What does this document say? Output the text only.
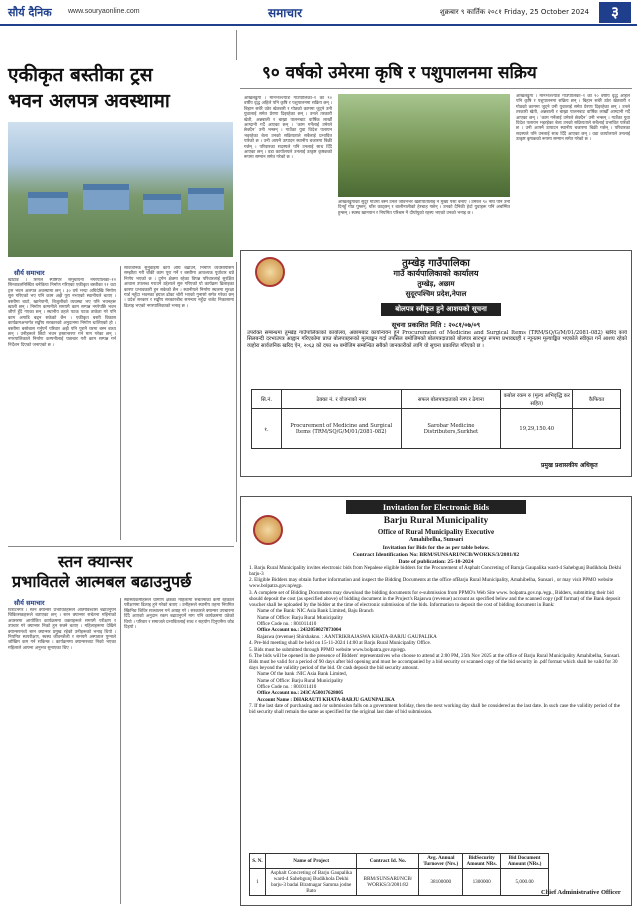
सौर्य दैनिक www.souryaonline.com	समाचार	शुक्रबार ९ कार्तिक २०८१ Friday, 25 October 2024	३
एकीकृत बस्तीका ट्रस
भवन अलपत्र अवस्थामा
सौर्य समाचार
खोटाङ । सिंगल स्पष्टिएर समुचायनी नगरपालिका–१२ सिन्ताडलनिस्थित बनेकिया निर्माण गरिएका एकीकृत बस्तीका ११ वटा ट्रस भवन अलपत्र अवस्थामा छन् । ३० वर्ष भन्दा अघिदेखि निर्माण सुरु गरिएको भए पनि काम अझै पूरा नभएको स्थानीयले बताए । बस्तीमा बाटो, खानेपानी, बिजुलीको व्यवस्था भए पनि भवनहरू खाली छन् । निर्माण कम्पनीले समयमै काम सम्पन्न नगरेपछि भवन जीर्ण हुँदै गएका छन् । स्थानीय तहले पटक पटक ताकेता गरे पनि काम अगाडि बढ्न सकेको छैन । एकीकृत बस्ती विकास कार्यक्रमअन्तर्गत सङ्घीय सरकारको अनुदानमा निर्माण थालिएको हो । बस्तीमा बसोबास गर्नुपर्ने परिवार अझै पनि पुरानै घरमा बस्न बाध्य छन् । उनीहरूले छिटो भवन हस्तान्तरण गर्न माग गरेका छन् । नगरपालिकाले निर्माण कम्पनीलाई पत्राचार गरी काम सम्पन्न गर्न निर्देशन दिएको जनाएको छ ।
सार्वजनिक सुनुवाइमा कार्य अघि बढाउने, निर्माण व्यवसायीसँग सम्झौता गरी बाँकी काम पूरा गर्ने र बस्तीमा आवश्यक पूर्वाधार थप्ने निर्णय भएको छ । दुर्गम क्षेत्रमा रहेका विपन्न परिवारलाई सुरक्षित आवास उपलब्ध गराउने उद्देश्यले सुरु गरिएको यो कार्यक्रम ढिलाइका कारण प्रभावकारी हुन सकेको छैन । स्थानीयले निर्माण स्थलमा सुरक्षा गार्ड नहुँदा भवनका झ्याल ढोका चोरी भएको गुनासो समेत गरेका छन् । प्रदेश सरकार र सङ्घीय सरकारबीच समन्वय नहुँदा बजेट निकासामा ढिलाइ भएको नगरपालिकाको भनाइ छ ।
९० वर्षको उमेरमा कृषि र पशुपालनमा सक्रिय
ओखलढुंगा । मानेभञ्ज्याङ गाउँपालिका–१ का ९० वर्षीय वृद्ध अहिले पनि कृषि र पशुपालनमा सक्रिय छन् । बिहान सबेरै उठेर खेतबारी र गोठको काममा जुट्ने उनी युवालाई समेत प्रेरणा दिइरहेका छन् । उनले तरकारी खेती, अन्नबाली र बाख्रा पालनबाट वार्षिक लाखौँ आम्दानी गर्दै आएका छन् । ‘काम गर्नेलाई उमेरले छेक्दैन’ उनी भन्छन् । गाउँका युवा विदेश पलायन भइरहेका बेला उनको सक्रियताले सबैलाई प्रभावित पारेको छ । उनी आफ्नै उत्पादन स्थानीय बजारमा बिक्री गर्छन् । परिवारका सदस्यले पनि उनलाई साथ दिँदै आएका छन् । वडा कार्यालयले उनलाई उत्कृष्ट कृषकको रूपमा सम्मान समेत गरेको छ ।
ओखलढुंगाको सुदूर गाउँमा बस्ने उनले जीवनभर खेतीपातीलाई नै मुख्य पेसा बनाए । उमेरले ९० नाघे पनि उनी दिनहुँ गोठ पुग्छन्, घाँस काट्छन् र बालीनालीको हेरचाह गर्छन् । उनको दैनिकी हेर्दा युवाहरू पनि अचम्मित हुन्छन् । स्वस्थ खानपान र नियमित परिश्रम नै दीर्घायुको रहस्य भएको उनको भनाइ छ ।
ओखलढुंगा । मानेभञ्ज्याङ गाउँपालिका–१ का ९० वर्षीय वृद्ध अहिले पनि कृषि र पशुपालनमा सक्रिय छन् । बिहान सबेरै उठेर खेतबारी र गोठको काममा जुट्ने उनी युवालाई समेत प्रेरणा दिइरहेका छन् । उनले तरकारी खेती, अन्नबाली र बाख्रा पालनबाट वार्षिक लाखौँ आम्दानी गर्दै आएका छन् । ‘काम गर्नेलाई उमेरले छेक्दैन’ उनी भन्छन् । गाउँका युवा विदेश पलायन भइरहेका बेला उनको सक्रियताले सबैलाई प्रभावित पारेको छ । उनी आफ्नै उत्पादन स्थानीय बजारमा बिक्री गर्छन् । परिवारका सदस्यले पनि उनलाई साथ दिँदै आएका छन् । वडा कार्यालयले उनलाई उत्कृष्ट कृषकको रूपमा सम्मान समेत गरेको छ ।
तुम्खेड़ गाउँपालिका
गाउँ कार्यपालिकाको कार्यालय
तुम्खेड़, अछाम
सुदूरपश्चिम प्रदेश,नेपाल
बोलपत्र स्वीकृत हुने आशयको सूचना
सूचना प्रकाशित मिति : २०८१/०७/०९
उपरोक्त सम्बन्धमा तुम्खेड़ गाउँपालिकाको कार्यालय, अछामबाट कार्यान्वयन हुने Procurement of Medicine and Surgical Items (TRM/SQ/G/M/01/2081-082) खरिद कार्य सिलबन्दी दरभाउपत्र आह्वान गरिएकोमा प्राप्त बोलपत्रहरूको मूल्याङ्कन गर्दा तपसिल बमोजिमको बोलपत्रदाताको बोलपत्र सारभूत रूपमा प्रभावग्राही र न्यूनतम मूल्याङ्कित भएकोले स्वीकृत गर्ने आशय रहेको व्यहोरा सार्वजनिक खरिद ऐन, २०६३ को दफा २७ बमोजिम सम्बन्धित सबैको जानकारीको लागि यो सूचना प्रकाशित गरिएको छ ।
सि.नं.	ठेक्का नं. र योजनाको नाम	सफल बोलपत्रदाताको नाम र ठेगाना	कबोल रकम रु (मूल्य अभिवृद्धि कर सहित)	कैफियत
१.	Procurement of Medicine and Surgical Items (TRM/SQ/G/M/01/2081-082)	Sarobar Medicine Distributers,Surkhet	19,29,150.40	
प्रमुख प्रशासकीय अधिकृत
स्तन क्यान्सर
प्रभावितले आत्मबल बढाउनुपर्छ
सौर्य समाचार
विराटनगर । स्तन क्यान्सर प्रभावितहरूले आत्मविश्वास बढाउनुपर्ने चिकित्सकहरूले बताएका छन् । स्तन क्यान्सर सचेतना महिनाको अवसरमा आयोजित कार्यक्रममा वक्ताहरूले समयमै परीक्षण र उपचार गरे क्यान्सर निको हुन सक्ने बताए । महिलाहरूमा देखिने क्यान्सरमध्ये स्तन क्यान्सर प्रमुख रहेको उनीहरूको भनाइ थियो । नियमित स्वपरीक्षण, स्वस्थ जीवनशैली र समयमै अस्पताल पुग्नाले जोखिम कम गर्न सकिन्छ । कार्यक्रममा क्यान्सरबाट निको भएका महिलाले आफ्ना अनुभव सुनाएका थिए ।
स्वास्थ्यकर्मीहरूले ग्रामीण क्षेत्रका महिलामा सचेतनाको कमी रहेकाले परीक्षणमा ढिलाइ हुने गरेको बताए । उनीहरूले स्थानीय तहमा नियमित स्क्रिनिङ शिविर सञ्चालन गर्न आग्रह गरे । सरकारले क्यान्सर उपचारमा दिँदै आएको अनुदान रकम बढाउनुपर्ने माग पनि कार्यक्रममा उठेको थियो । परिवार र समाजले प्रभावितलाई साथ र सहयोग दिनुपर्नेमा जोड दिइयो ।
Invitation for Electronic Bids
Barju Rural Municipality
Office of Rural Municipality Executive
Amahibelha, Sunsari
Invitation for Bids for the as per table below.
Contract Identification No: BRM/SUNSARI/NCB/WORKS/3/2081/82
Date of publication: 25-10-2024

1. Barju Rural Municipality invites electronic bids from Nepalese eligible bidders for the Procurement of Asphalt Concreting of Baruja Gaupalika ward-4 Sahebgunj Budikhola Dekhi barju-3

2. Eligible Bidders may obtain further information and inspect the Bidding Documents at the office ofBarju Rural Municipality, Amahibelha, Sunsari , or may visit PPMO website www.bolpatra.gov.np/egp.

3. A complete set of Bidding Documents may download the bidding documents for e-submission from PPMO's Web Site www. bolpatra.gov.np./egp., Bidders, submitting their bid should deposit the cost (as specified above) of bidding document in the Project's Rajaswa (revenue) account as specified below and the scanned copy (pdf format) of the Bank deposit voucher shall be uploaded by the bidder at the time of electronic submission of the bids. Information to deposit the cost of bidding document in Bank:

Name of the Bank: NIC Asia Bank Limited, Baju Branch

Name of Office: Barju Rural Municipality

Office Code no. : 801011410

Office Account no.: 2432050027873004

Rajaswa (revenue) Shirshakno. : AANTRIKRAJASWA KHATA-BARJU GAUPALIKA

4. Pre-bid meeting shall be held on 15-11-2024 14:00 at Barju Rural Municipality Office.

5. Bids must be submitted through PPMO website www.bolpatra.gov.np/egp.

6. The bids will be opened in the presence of Bidders' representatives who choose to attend at 2:00 PM, 25th Nov 2025 at the office of Barju Rural Municipality Amahibelha, Sunsari. Bids must be valid for a period of 90 days after bid opening and must be accompanied by a bid security or scanned copy of the bid security in .pdf format which shall be valid for 30 days beyond the validity period of the bid. Or cash deposit the bid security amount.

Name Of the bank :NIC Asia Bank Limited,

Name of Office: Barju Rural Municipality

Office Code no. : 801011410

Office Account no.: 243CA50017628005

Account Name : DHARAUTI KHATA-BARJU GAUNPALIKA

7. If the last date of purchasing and /or submission falls on a government holiday, then the next working day shall be considered as the last date. In such case the validity period of the bid security shall remain the same as specified for the original last date of bid submission.

S. N.	Name of Project	Contract Id. No.	Avg. Annual Turnover (Nrs.)	BidSecurity Amount NRs.	Bid Document Amount (NRs.)
1	Asphalt Concreting of Barju Gaupalika ward-4 Sahebgunj Budikhola Dekhi barju-3 badai Biratnagar Samma jodne Bato	BRM/SUNSARI/NCB/ WORKS/3/2081/82	38100000	1300000	5,000.00
Chief Administrative Officer
